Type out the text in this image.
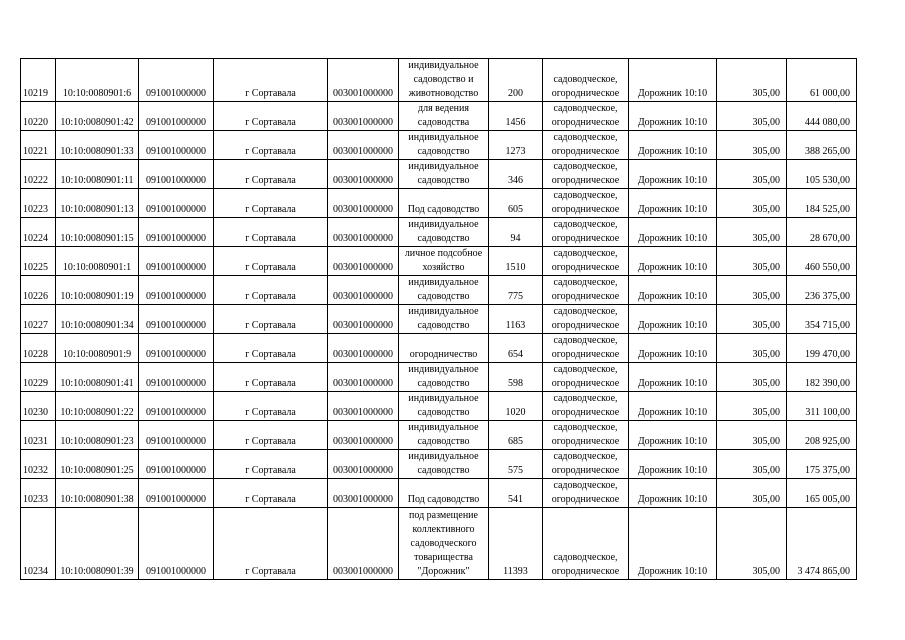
10219	10:10:0080901:6	091001000000	г Сортавала	003001000000	индивидуальное садоводство и животноводство	200	садоводческое, огородническое	Дорожник 10:10	305,00	61 000,00
10220	10:10:0080901:42	091001000000	г Сортавала	003001000000	для ведения садоводства	1456	садоводческое, огородническое	Дорожник 10:10	305,00	444 080,00
10221	10:10:0080901:33	091001000000	г Сортавала	003001000000	индивидуальное садоводство	1273	садоводческое, огородническое	Дорожник 10:10	305,00	388 265,00
10222	10:10:0080901:11	091001000000	г Сортавала	003001000000	индивидуальное садоводство	346	садоводческое, огородническое	Дорожник 10:10	305,00	105 530,00
10223	10:10:0080901:13	091001000000	г Сортавала	003001000000	Под садоводство	605	садоводческое, огородническое	Дорожник 10:10	305,00	184 525,00
10224	10:10:0080901:15	091001000000	г Сортавала	003001000000	индивидуальное садоводство	94	садоводческое, огородническое	Дорожник 10:10	305,00	28 670,00
10225	10:10:0080901:1	091001000000	г Сортавала	003001000000	личное подсобное хозяйство	1510	садоводческое, огородническое	Дорожник 10:10	305,00	460 550,00
10226	10:10:0080901:19	091001000000	г Сортавала	003001000000	индивидуальное садоводство	775	садоводческое, огородническое	Дорожник 10:10	305,00	236 375,00
10227	10:10:0080901:34	091001000000	г Сортавала	003001000000	индивидуальное садоводство	1163	садоводческое, огородническое	Дорожник 10:10	305,00	354 715,00
10228	10:10:0080901:9	091001000000	г Сортавала	003001000000	огородничество	654	садоводческое, огородническое	Дорожник 10:10	305,00	199 470,00
10229	10:10:0080901:41	091001000000	г Сортавала	003001000000	индивидуальное садоводство	598	садоводческое, огородническое	Дорожник 10:10	305,00	182 390,00
10230	10:10:0080901:22	091001000000	г Сортавала	003001000000	индивидуальное садоводство	1020	садоводческое, огородническое	Дорожник 10:10	305,00	311 100,00
10231	10:10:0080901:23	091001000000	г Сортавала	003001000000	индивидуальное садоводство	685	садоводческое, огородническое	Дорожник 10:10	305,00	208 925,00
10232	10:10:0080901:25	091001000000	г Сортавала	003001000000	индивидуальное садоводство	575	садоводческое, огородническое	Дорожник 10:10	305,00	175 375,00
10233	10:10:0080901:38	091001000000	г Сортавала	003001000000	Под садоводство	541	садоводческое, огородническое	Дорожник 10:10	305,00	165 005,00
10234	10:10:0080901:39	091001000000	г Сортавала	003001000000	под размещение коллективного садоводческого товарищества "Дорожник"	11393	садоводческое, огородническое	Дорожник 10:10	305,00	3 474 865,00
